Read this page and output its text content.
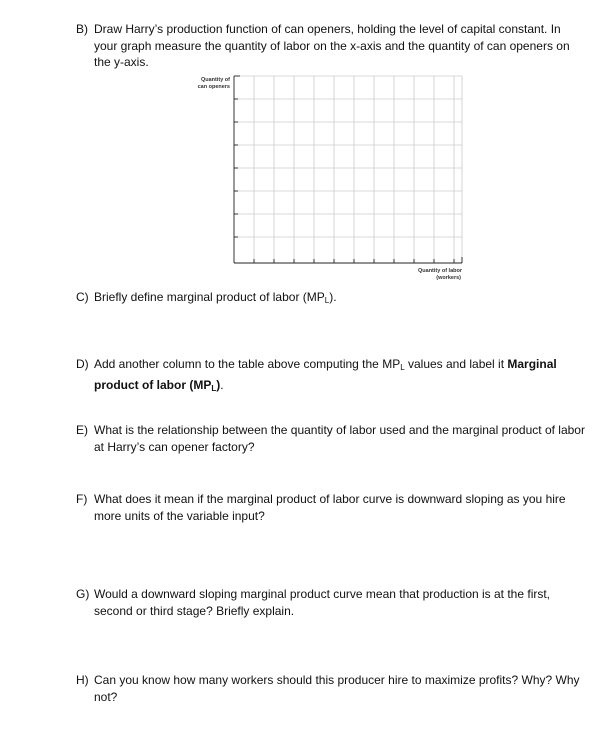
B) Draw Harry’s production function of can openers, holding the level of capital constant. In your graph measure the quantity of labor on the x-axis and the quantity of can openers on the y-axis.
Quantity of
can openers
Quantity of labor
(workers)
C) Briefly define marginal product of labor $(MP_L)$.
D) Add another column to the table above computing the $MP_L$ values and label it Marginal product of labor $(MP_L)$.
E) What is the relationship between the quantity of labor used and the marginal product of labor at Harry’s can opener factory?
F) What does it mean if the marginal product of labor curve is downward sloping as you hire more units of the variable input?
G) Would a downward sloping marginal product curve mean that production is at the first, second or third stage? Briefly explain.
H) Can you know how many workers should this producer hire to maximize profits? Why? Why not?
